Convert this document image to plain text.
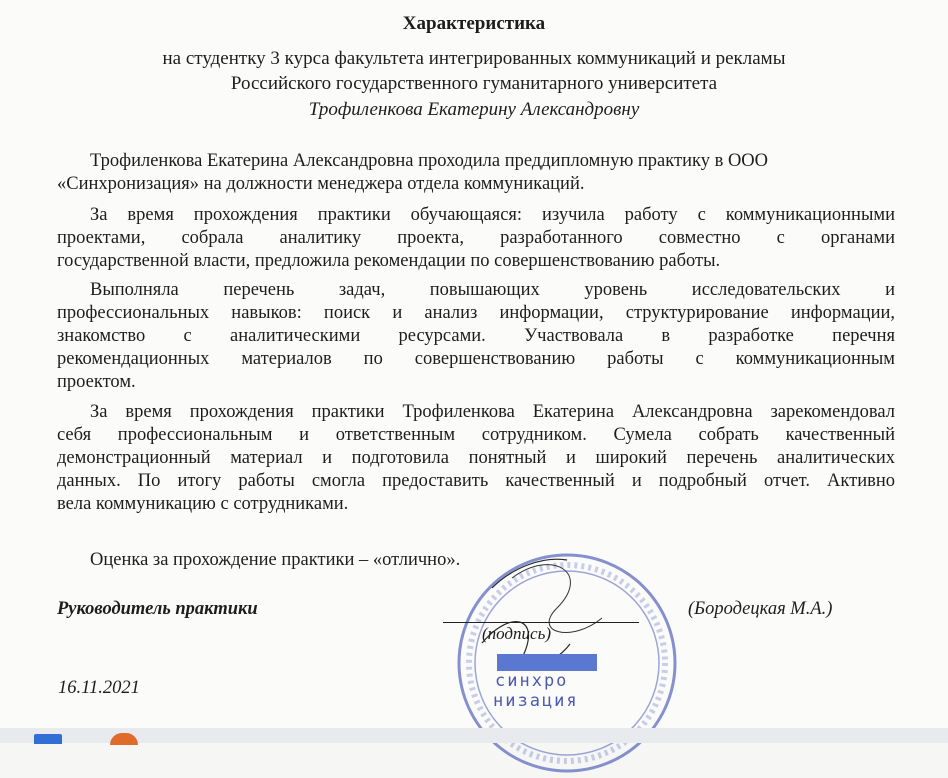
Характеристика
на студентку 3 курса факультета интегрированных коммуникаций и рекламы
Российского государственного гуманитарного университета
Трофиленкова Екатерину Александровну
Трофиленкова Екатерина Александровна проходила преддипломную практику в ООО
«Синхронизация» на должности менеджера отдела коммуникаций.
За время прохождения практики обучающаяся: изучила работу с коммуникационными
проектами, собрала аналитику проекта, разработанного совместно с органами
государственной власти, предложила рекомендации по совершенствованию работы.
Выполняла перечень задач, повышающих уровень исследовательских и
профессиональных навыков: поиск и анализ информации, структурирование информации,
знакомство с аналитическими ресурсами. Участвовала в разработке перечня
рекомендационных материалов по совершенствованию работы с коммуникационным
проектом.
За время прохождения практики Трофиленкова Екатерина Александровна зарекомендовал
себя профессиональным и ответственным сотрудником. Сумела собрать качественный
демонстрационный материал и подготовила понятный и широкий перечень аналитических
данных. По итогу работы смогла предоставить качественный и подробный отчет. Активно
вела коммуникацию с сотрудниками.
Оценка за прохождение практики – «отлично».
синхро
низация
Руководитель практики
(подпись)
(Бородецкая М.А.)
16.11.2021
